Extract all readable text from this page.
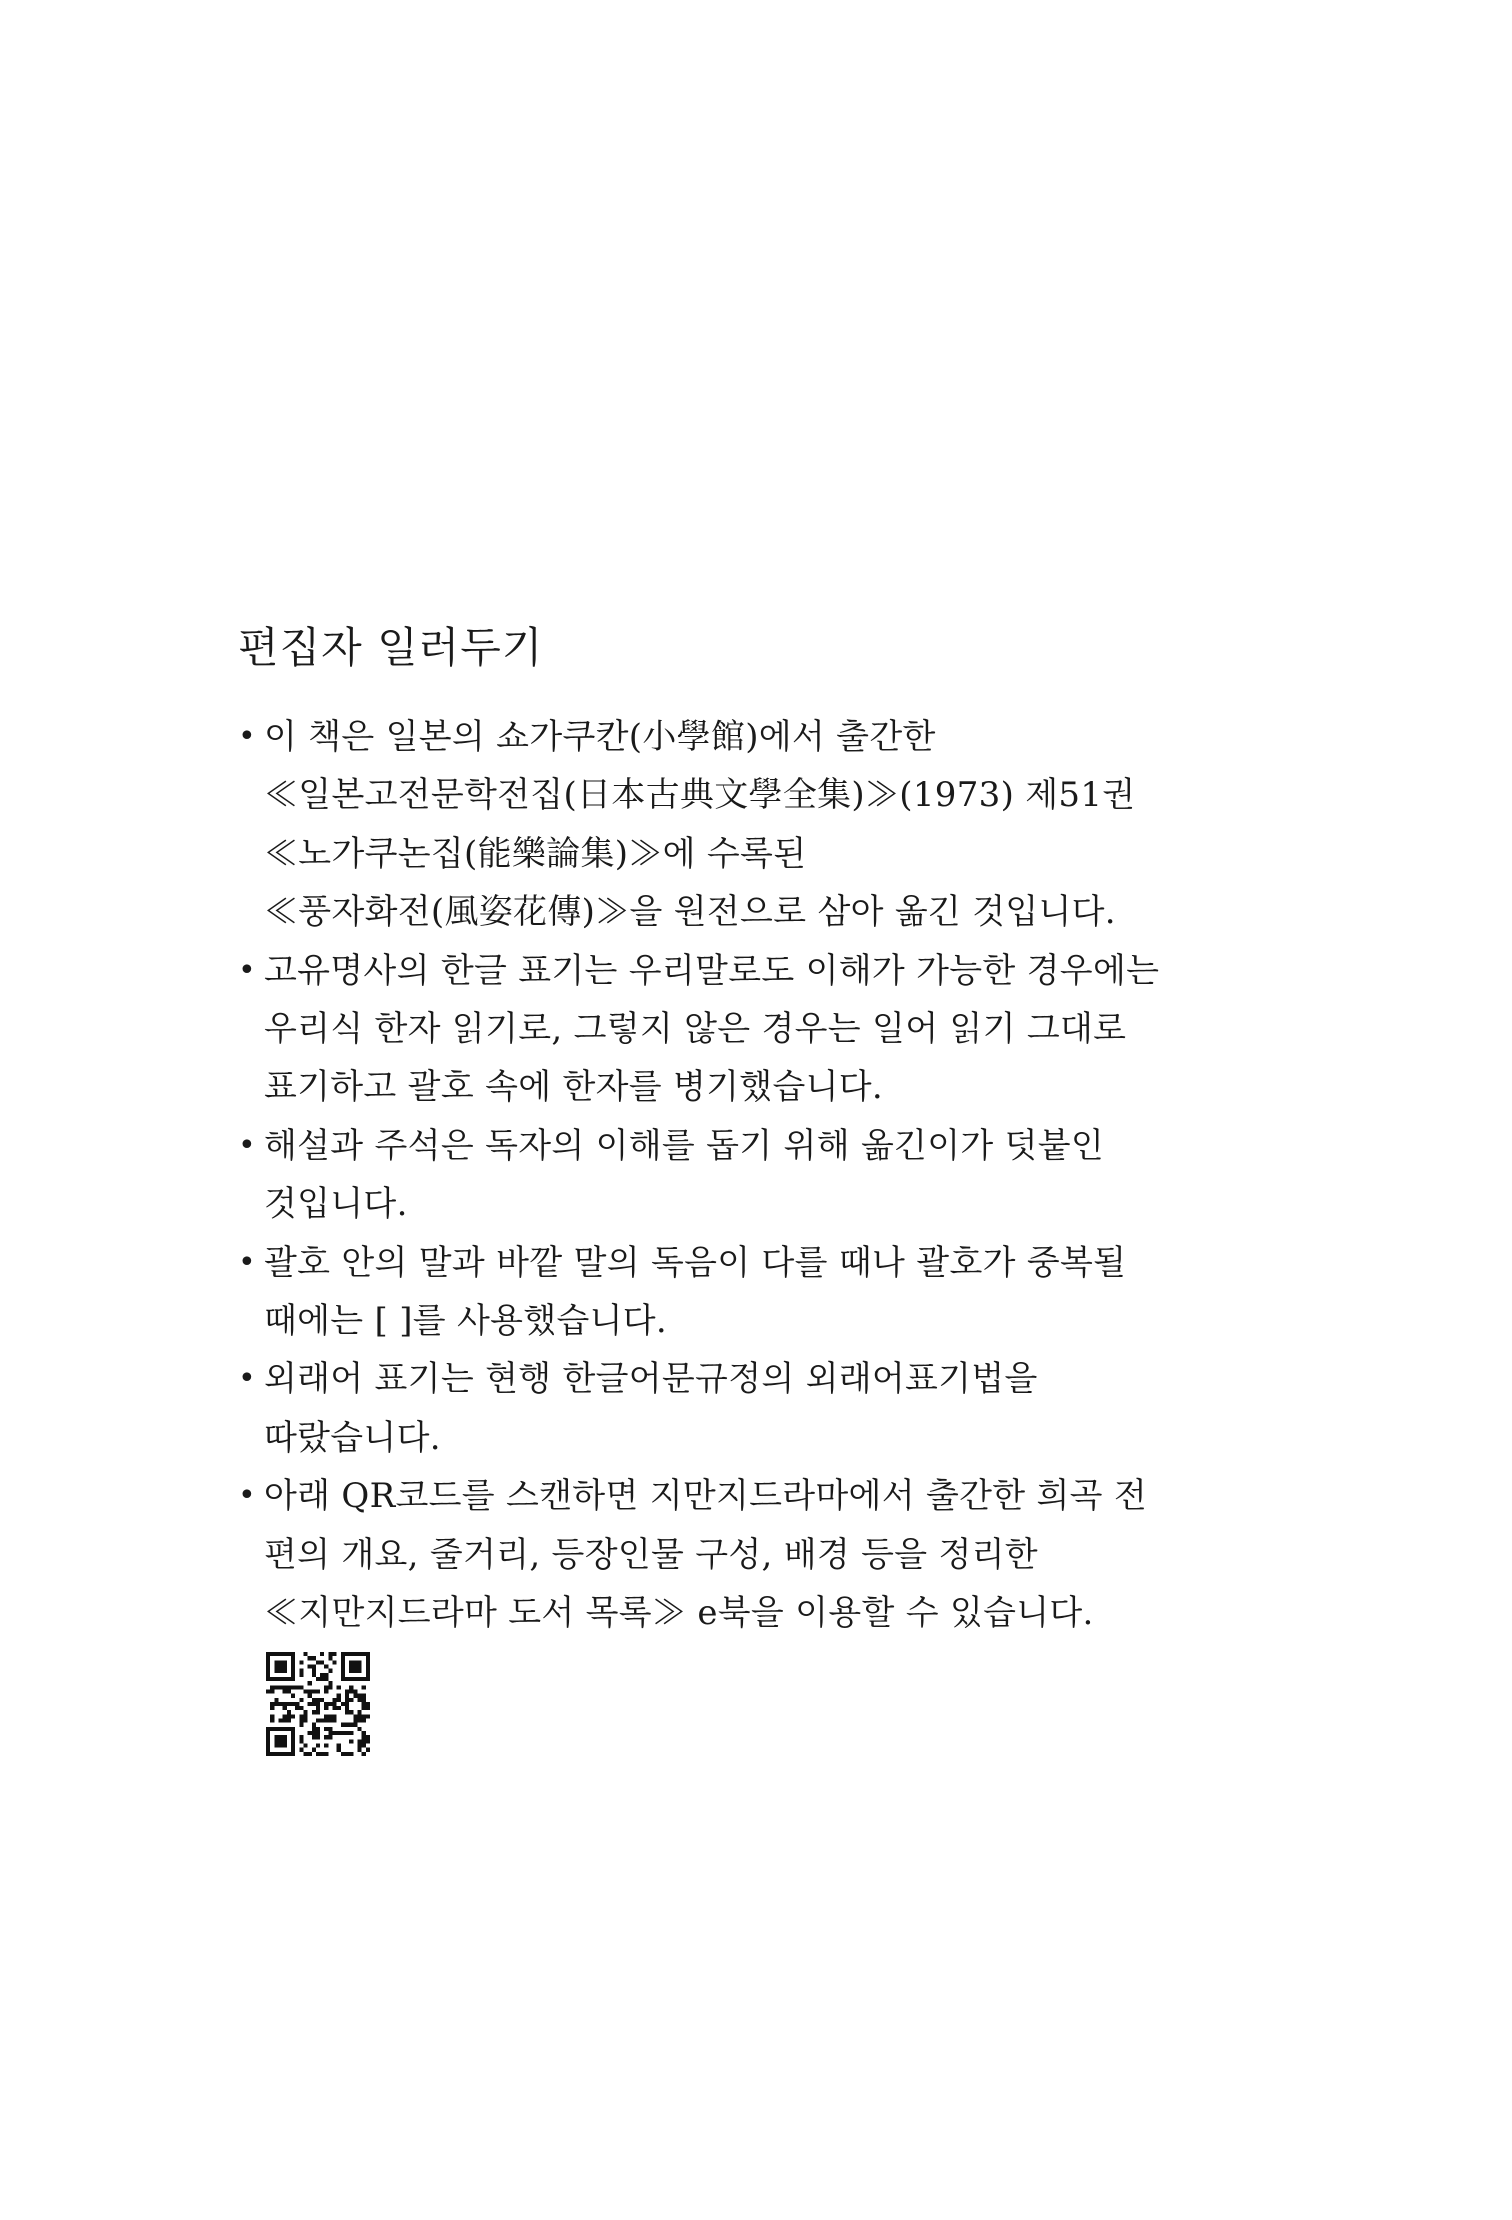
편집자 일러두기
• 이 책은 일본의 쇼가쿠칸(小學館)에서 출간한
≪일본고전문학전집(日本古典文學全集)≫(1973) 제51권
≪노가쿠논집(能樂論集)≫에 수록된
≪풍자화전(風姿花傳)≫을 원전으로 삼아 옮긴 것입니다.
• 고유명사의 한글 표기는 우리말로도 이해가 가능한 경우에는
우리식 한자 읽기로, 그렇지 않은 경우는 일어 읽기 그대로
표기하고 괄호 속에 한자를 병기했습니다.
• 해설과 주석은 독자의 이해를 돕기 위해 옮긴이가 덧붙인
것입니다.
• 괄호 안의 말과 바깥 말의 독음이 다를 때나 괄호가 중복될
때에는 [ ]를 사용했습니다.
• 외래어 표기는 현행 한글어문규정의 외래어표기법을
따랐습니다.
• 아래 QR코드를 스캔하면 지만지드라마에서 출간한 희곡 전
편의 개요, 줄거리, 등장인물 구성, 배경 등을 정리한
≪지만지드라마 도서 목록≫ e북을 이용할 수 있습니다.
